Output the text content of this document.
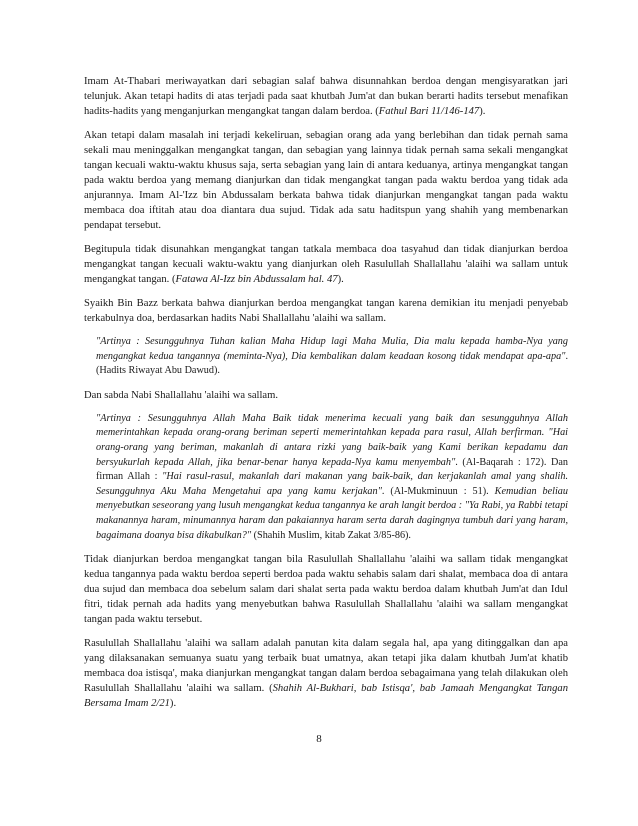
Imam At-Thabari meriwayatkan dari sebagian salaf bahwa disunnahkan berdoa dengan mengisyaratkan jari telunjuk. Akan tetapi hadits di atas terjadi pada saat khutbah Jum'at dan bukan berarti hadits tersebut menafikan hadits-hadits yang menganjurkan mengangkat tangan dalam berdoa. (Fathul Bari 11/146-147).

Akan tetapi dalam masalah ini terjadi kekeliruan, sebagian orang ada yang berlebihan dan tidak pernah sama sekali mau meninggalkan mengangkat tangan, dan sebagian yang lainnya tidak pernah sama sekali mengangkat tangan kecuali waktu-waktu khusus saja, serta sebagian yang lain di antara keduanya, artinya mengangkat tangan pada waktu berdoa yang memang dianjurkan dan tidak mengangkat tangan pada waktu berdoa yang tidak ada anjurannya. Imam Al-'Izz bin Abdussalam berkata bahwa tidak dianjurkan mengangkat tangan pada waktu membaca doa iftitah atau doa diantara dua sujud. Tidak ada satu haditspun yang shahih yang membenarkan pendapat tersebut.

Begitupula tidak disunahkan mengangkat tangan tatkala membaca doa tasyahud dan tidak dianjurkan berdoa mengangkat tangan kecuali waktu-waktu yang dianjurkan oleh Rasulullah Shallallahu 'alaihi wa sallam untuk mengangkat tangan. (Fatawa Al-Izz bin Abdussalam hal. 47).

Syaikh Bin Bazz berkata bahwa dianjurkan berdoa mengangkat tangan karena demikian itu menjadi penyebab terkabulnya doa, berdasarkan hadits Nabi Shallallahu 'alaihi wa sallam.

"Artinya : Sesungguhnya Tuhan kalian Maha Hidup lagi Maha Mulia, Dia malu kepada hamba-Nya yang mengangkat kedua tangannya (meminta-Nya), Dia kembalikan dalam keadaan kosong tidak mendapat apa-apa". (Hadits Riwayat Abu Dawud).

Dan sabda Nabi Shallallahu 'alaihi wa sallam.

"Artinya : Sesungguhnya Allah Maha Baik tidak menerima kecuali yang baik dan sesungguhnya Allah memerintahkan kepada orang-orang beriman seperti memerintahkan kepada para rasul, Allah berfirman. "Hai orang-orang yang beriman, makanlah di antara rizki yang baik-baik yang Kami berikan kepadamu dan bersyukurlah kepada Allah, jika benar-benar hanya kepada-Nya kamu menyembah". (Al-Baqarah : 172). Dan firman Allah : "Hai rasul-rasul, makanlah dari makanan yang baik-baik, dan kerjakanlah amal yang shalih. Sesungguhnya Aku Maha Mengetahui apa yang kamu kerjakan". (Al-Mukminuun : 51). Kemudian beliau menyebutkan seseorang yang lusuh mengangkat kedua tangannya ke arah langit berdoa : "Ya Rabi, ya Rabbi tetapi makanannya haram, minumannya haram dan pakaiannya haram serta darah dagingnya tumbuh dari yang haram, bagaimana doanya bisa dikabulkan?" (Shahih Muslim, kitab Zakat 3/85-86).

Tidak dianjurkan berdoa mengangkat tangan bila Rasulullah Shallallahu 'alaihi wa sallam tidak mengangkat kedua tangannya pada waktu berdoa seperti berdoa pada waktu sehabis salam dari shalat, membaca doa di antara dua sujud dan membaca doa sebelum salam dari shalat serta pada waktu berdoa dalam khutbah Jum'at dan Idul fitri, tidak pernah ada hadits yang menyebutkan bahwa Rasulullah Shallallahu 'alaihi wa sallam mengangkat tangan pada waktu tersebut.

Rasulullah Shallallahu 'alaihi wa sallam adalah panutan kita dalam segala hal, apa yang ditinggalkan dan apa yang dilaksanakan semuanya suatu yang terbaik buat umatnya, akan tetapi jika dalam khutbah Jum'at khatib membaca doa istisqa', maka dianjurkan mengangkat tangan dalam berdoa sebagaimana yang telah dilakukan oleh Rasulullah Shallallahu 'alaihi wa sallam. (Shahih Al-Bukhari, bab Istisqa', bab Jamaah Mengangkat Tangan Bersama Imam 2/21).

8
